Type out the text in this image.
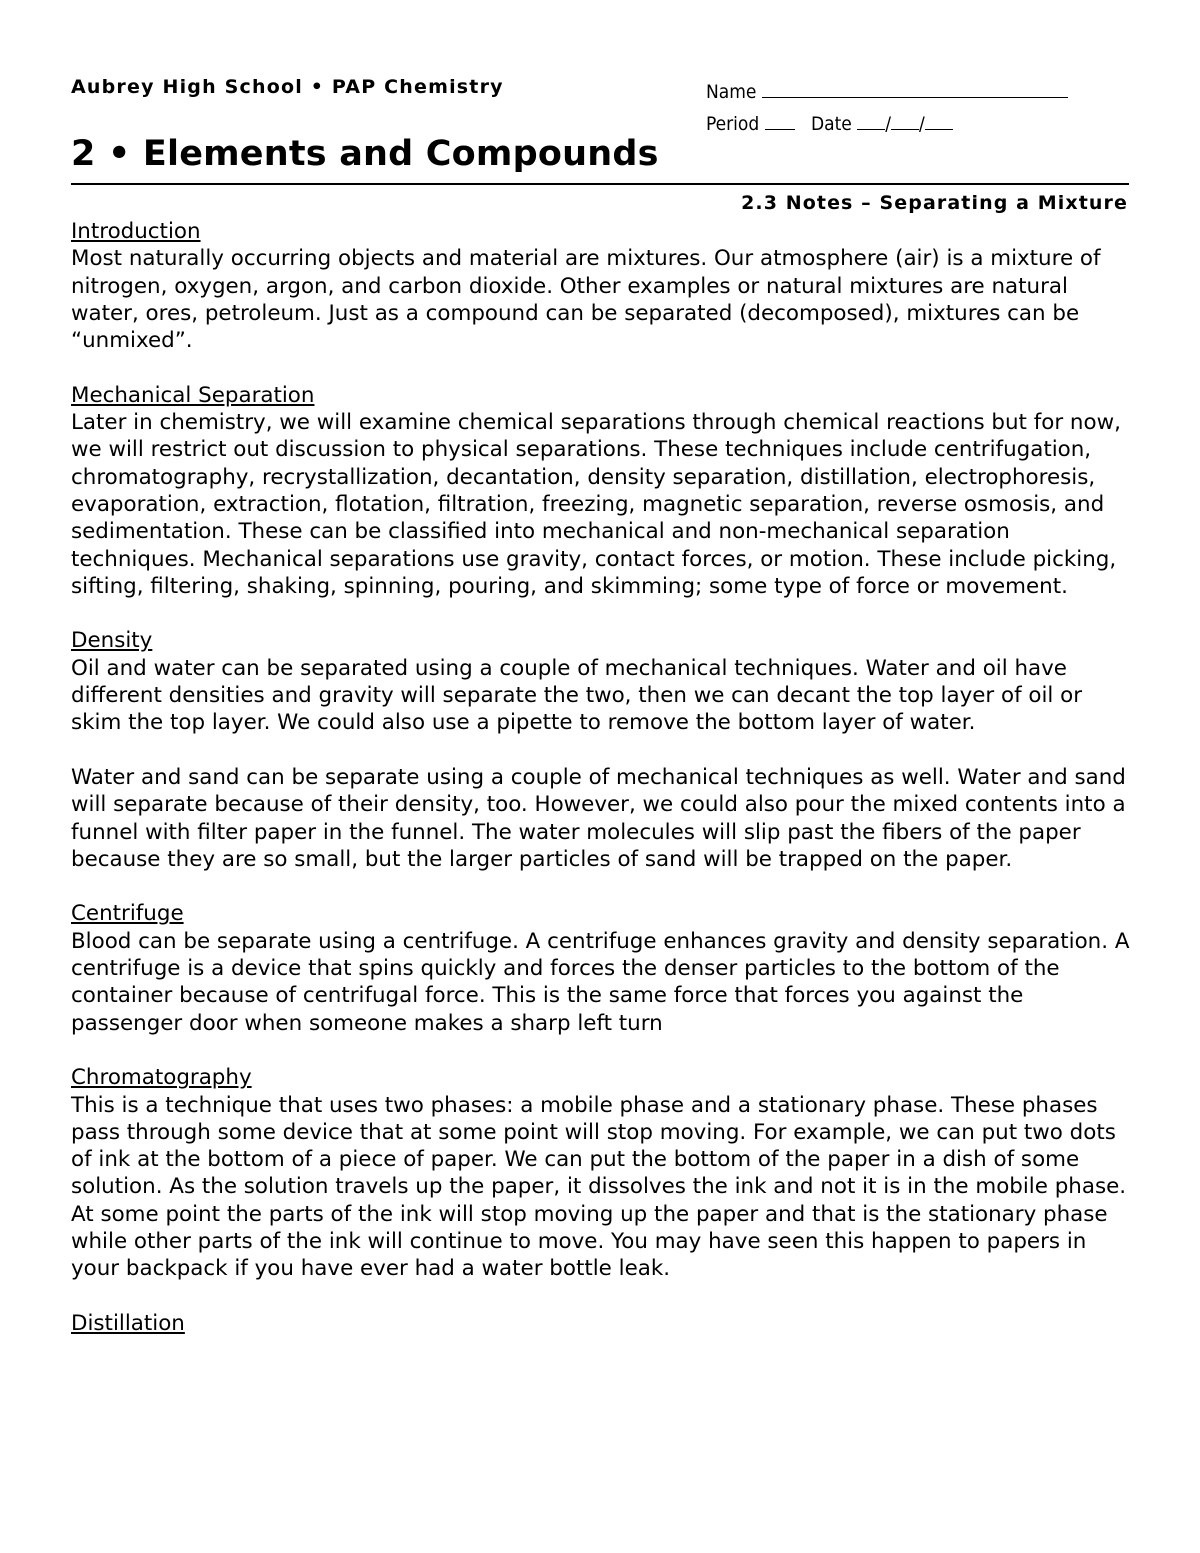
Aubrey High School • PAP Chemistry	Name
Period	Date / /
2 • Elements and Compounds
2.3 Notes – Separating a Mixture
Introduction

Most naturally occurring objects and material are mixtures. Our atmosphere (air) is a mixture of nitrogen, oxygen, argon, and carbon dioxide. Other examples or natural mixtures are natural water, ores, petroleum. Just as a compound can be separated (decomposed), mixtures can be “unmixed”.

Mechanical Separation

Later in chemistry, we will examine chemical separations through chemical reactions but for now, we will restrict out discussion to physical separations. These techniques include centrifugation, chromatography, recrystallization, decantation, density separation, distillation, electrophoresis, evaporation, extraction, flotation, filtration, freezing, magnetic separation, reverse osmosis, and sedimentation. These can be classified into mechanical and non-mechanical separation techniques. Mechanical separations use gravity, contact forces, or motion. These include picking, sifting, filtering, shaking, spinning, pouring, and skimming; some type of force or movement.

Density

Oil and water can be separated using a couple of mechanical techniques. Water and oil have different densities and gravity will separate the two, then we can decant the top layer of oil or skim the top layer. We could also use a pipette to remove the bottom layer of water.

Water and sand can be separate using a couple of mechanical techniques as well. Water and sand will separate because of their density, too. However, we could also pour the mixed contents into a funnel with filter paper in the funnel. The water molecules will slip past the fibers of the paper because they are so small, but the larger particles of sand will be trapped on the paper.

Centrifuge

Blood can be separate using a centrifuge. A centrifuge enhances gravity and density separation. A centrifuge is a device that spins quickly and forces the denser particles to the bottom of the container because of centrifugal force. This is the same force that forces you against the passenger door when someone makes a sharp left turn

Chromatography

This is a technique that uses two phases: a mobile phase and a stationary phase. These phases pass through some device that at some point will stop moving. For example, we can put two dots of ink at the bottom of a piece of paper. We can put the bottom of the paper in a dish of some solution. As the solution travels up the paper, it dissolves the ink and not it is in the mobile phase. At some point the parts of the ink will stop moving up the paper and that is the stationary phase while other parts of the ink will continue to move. You may have seen this happen to papers in your backpack if you have ever had a water bottle leak.

Distillation
